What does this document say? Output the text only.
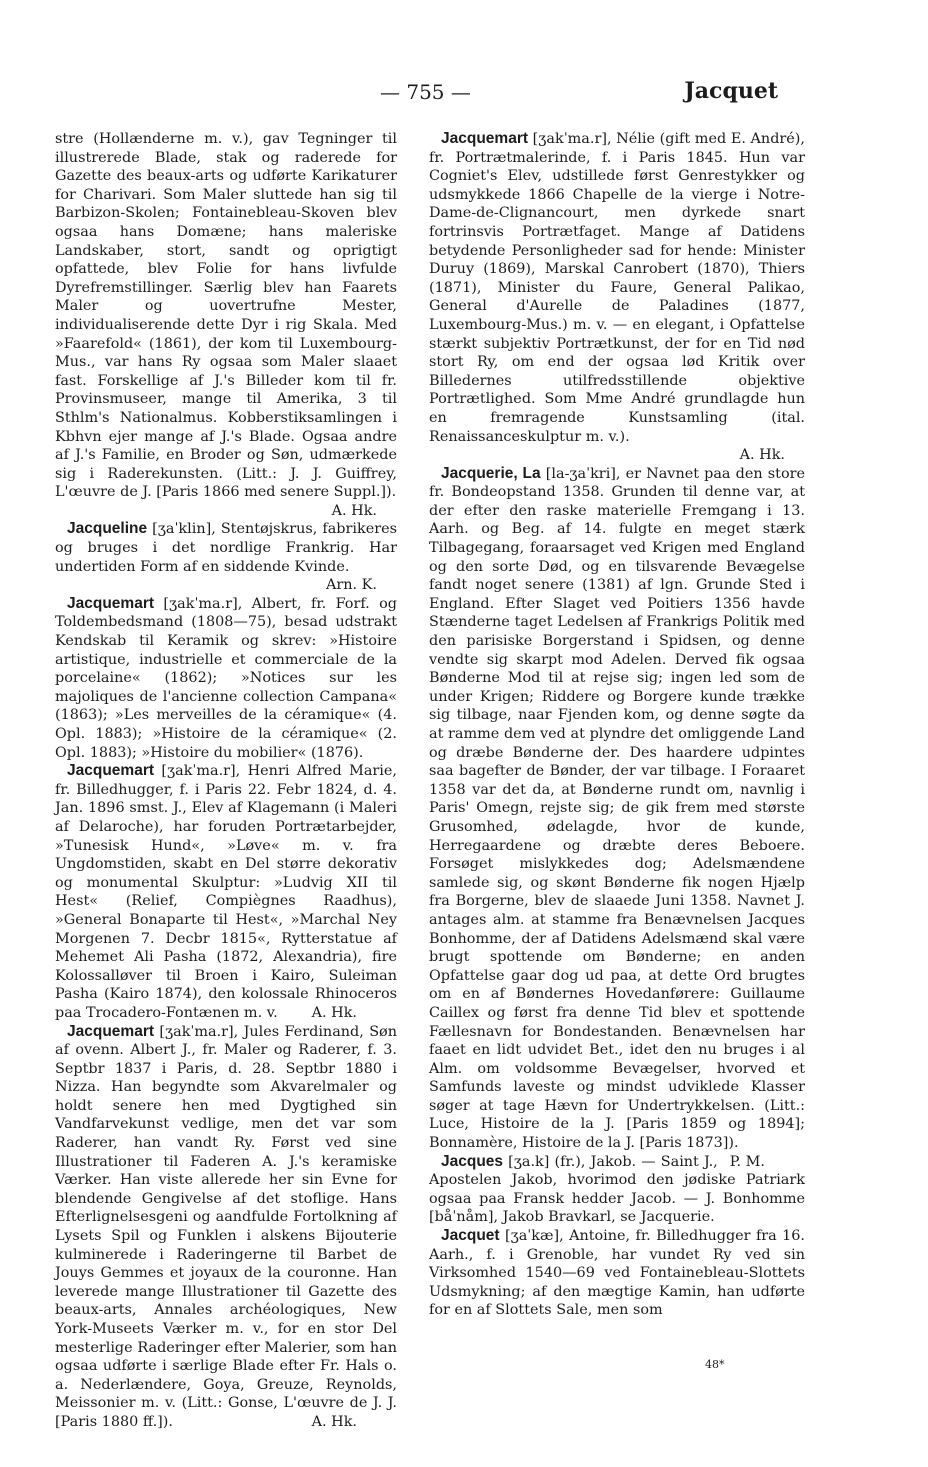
— 755 —	Jacquet

stre (Hollænderne m. v.), gav Tegninger til illustrerede Blade, stak og raderede for Gazette des beaux-arts og udførte Karikaturer for Charivari. Som Maler sluttede han sig til Barbizon-Skolen; Fontainebleau-Skoven blev ogsaa hans Domæne; hans maleriske Landskaber, stort, sandt og oprigtigt opfattede, blev Folie for hans livfulde Dyrefremstillinger. Særlig blev han Faarets Maler og uovertrufne Mester, individualiserende dette Dyr i rig Skala. Med »Faarefold« (1861), der kom til Luxembourg-Mus., var hans Ry ogsaa som Maler slaaet fast. Forskellige af J.'s Billeder kom til fr. Provinsmuseer, mange til Amerika, 3 til Sthlm's Nationalmus. Kobberstiksamlingen i Kbhvn ejer mange af J.'s Blade. Ogsaa andre af J.'s Familie, en Broder og Søn, udmærkede sig i Raderekunsten. (Litt.: J. J. Guiffrey, L'œuvre de J. [Paris 1866 med senere Suppl.]).

A. Hk.

Jacqueline [ʒaˈklin], Stentøjskrus, fabrikeres og bruges i det nordlige Frankrig. Har undertiden Form af en siddende Kvinde.

Arn. K.

Jacquemart [ʒakˈma.r], Albert, fr. Forf. og Toldembedsmand (1808—75), besad udstrakt Kendskab til Keramik og skrev: »Histoire artistique, industrielle et commerciale de la porcelaine« (1862); »Notices sur les majoliques de l'ancienne collection Campana« (1863); »Les merveilles de la céramique« (4. Opl. 1883); »Histoire de la céramique« (2. Opl. 1883); »Histoire du mobilier« (1876).

Jacquemart [ʒakˈma.r], Henri Alfred Marie, fr. Billedhugger, f. i Paris 22. Febr 1824, d. 4. Jan. 1896 smst. J., Elev af Klagemann (i Maleri af Delaroche), har foruden Portrætarbejder, »Tunesisk Hund«, »Løve« m. v. fra Ungdomstiden, skabt en Del større dekorativ og monumental Skulptur: »Ludvig XII til Hest« (Relief, Compiègnes Raadhus), »General Bonaparte til Hest«, »Marchal Ney Morgenen 7. Decbr 1815«, Rytterstatue af Mehemet Ali Pasha (1872, Alexandria), fire Kolossalløver til Broen i Kairo, Suleiman Pasha (Kairo 1874), den kolossale Rhinoceros paa Trocadero-Fontænen m. v.	A. Hk.

Jacquemart [ʒakˈma.r], Jules Ferdinand, Søn af ovenn. Albert J., fr. Maler og Raderer, f. 3. Septbr 1837 i Paris, d. 28. Septbr 1880 i Nizza. Han begyndte som Akvarelmaler og holdt senere hen med Dygtighed sin Vandfarvekunst vedlige, men det var som Raderer, han vandt Ry. Først ved sine Illustrationer til Faderen A. J.'s keramiske Værker. Han viste allerede her sin Evne for blendende Gengivelse af det stoflige. Hans Efterlignelsesgeni og aandfulde Fortolkning af Lysets Spil og Funklen i alskens Bijouterie kulminerede i Raderingerne til Barbet de Jouys Gemmes et joyaux de la couronne. Han leverede mange Illustrationer til Gazette des beaux-arts, Annales archéologiques, New York-Museets Værker m. v., for en stor Del mesterlige Raderinger efter Malerier, som han ogsaa udførte i særlige Blade efter Fr. Hals o. a. Nederlændere, Goya, Greuze, Reynolds, Meissonier m. v. (Litt.: Gonse, L'œuvre de J. J. [Paris 1880 ff.]).	A. Hk.

Jacquemart [ʒakˈma.r], Nélie (gift med E. André), fr. Portrætmalerinde, f. i Paris 1845. Hun var Cogniet's Elev, udstillede først Genrestykker og udsmykkede 1866 Chapelle de la vierge i Notre-Dame-de-Clignancourt, men dyrkede snart fortrinsvis Portrætfaget. Mange af Datidens betydende Personligheder sad for hende: Minister Duruy (1869), Marskal Canrobert (1870), Thiers (1871), Minister du Faure, General Palikao, General d'Aurelle de Paladines (1877, Luxembourg-Mus.) m. v. — en elegant, i Opfattelse stærkt subjektiv Portrætkunst, der for en Tid nød stort Ry, om end der ogsaa lød Kritik over Billedernes utilfredsstillende objektive Portrætlighed. Som Mme André grundlagde hun en fremragende Kunstsamling (ital. Renaissanceskulptur m. v.).

A. Hk.

Jacquerie, La [la-ʒaˈkri], er Navnet paa den store fr. Bondeopstand 1358. Grunden til denne var, at der efter den raske materielle Fremgang i 13. Aarh. og Beg. af 14. fulgte en meget stærk Tilbagegang, foraarsaget ved Krigen med England og den sorte Død, og en tilsvarende Bevægelse fandt noget senere (1381) af lgn. Grunde Sted i England. Efter Slaget ved Poitiers 1356 havde Stænderne taget Ledelsen af Frankrigs Politik med den parisiske Borgerstand i Spidsen, og denne vendte sig skarpt mod Adelen. Derved fik ogsaa Bønderne Mod til at rejse sig; ingen led som de under Krigen; Riddere og Borgere kunde trække sig tilbage, naar Fjenden kom, og denne søgte da at ramme dem ved at plyndre det omliggende Land og dræbe Bønderne der. Des haardere udpintes saa bagefter de Bønder, der var tilbage. I Foraaret 1358 var det da, at Bønderne rundt om, navnlig i Paris' Omegn, rejste sig; de gik frem med største Grusomhed, ødelagde, hvor de kunde, Herregaardene og dræbte deres Beboere. Forsøget mislykkedes dog; Adelsmændene samlede sig, og skønt Bønderne fik nogen Hjælp fra Borgerne, blev de slaaede Juni 1358. Navnet J. antages alm. at stamme fra Benævnelsen Jacques Bonhomme, der af Datidens Adelsmænd skal være brugt spottende om Bønderne; en anden Opfattelse gaar dog ud paa, at dette Ord brugtes om en af Bøndernes Hovedanførere: Guillaume Caillex og først fra denne Tid blev et spottende Fællesnavn for Bondestanden. Benævnelsen har faaet en lidt udvidet Bet., idet den nu bruges i al Alm. om voldsomme Bevægelser, hvorved et Samfunds laveste og mindst udviklede Klasser søger at tage Hævn for Undertrykkelsen. (Litt.: Luce, Histoire de la J. [Paris 1859 og 1894]; Bonnamère, Histoire de la J. [Paris 1873]).
P. M.

Jacques [ʒa.k] (fr.), Jakob. — Saint J., Apostelen Jakob, hvorimod den jødiske Patriark ogsaa paa Fransk hedder Jacob. — J. Bonhomme [båˈnåm], Jakob Bravkarl, se Jacquerie.

Jacquet [ʒaˈkæ], Antoine, fr. Billedhugger fra 16. Aarh., f. i Grenoble, har vundet Ry ved sin Virksomhed 1540—69 ved Fontainebleau-Slottets Udsmykning; af den mægtige Kamin, han udførte for en af Slottets Sale, men som

48*
